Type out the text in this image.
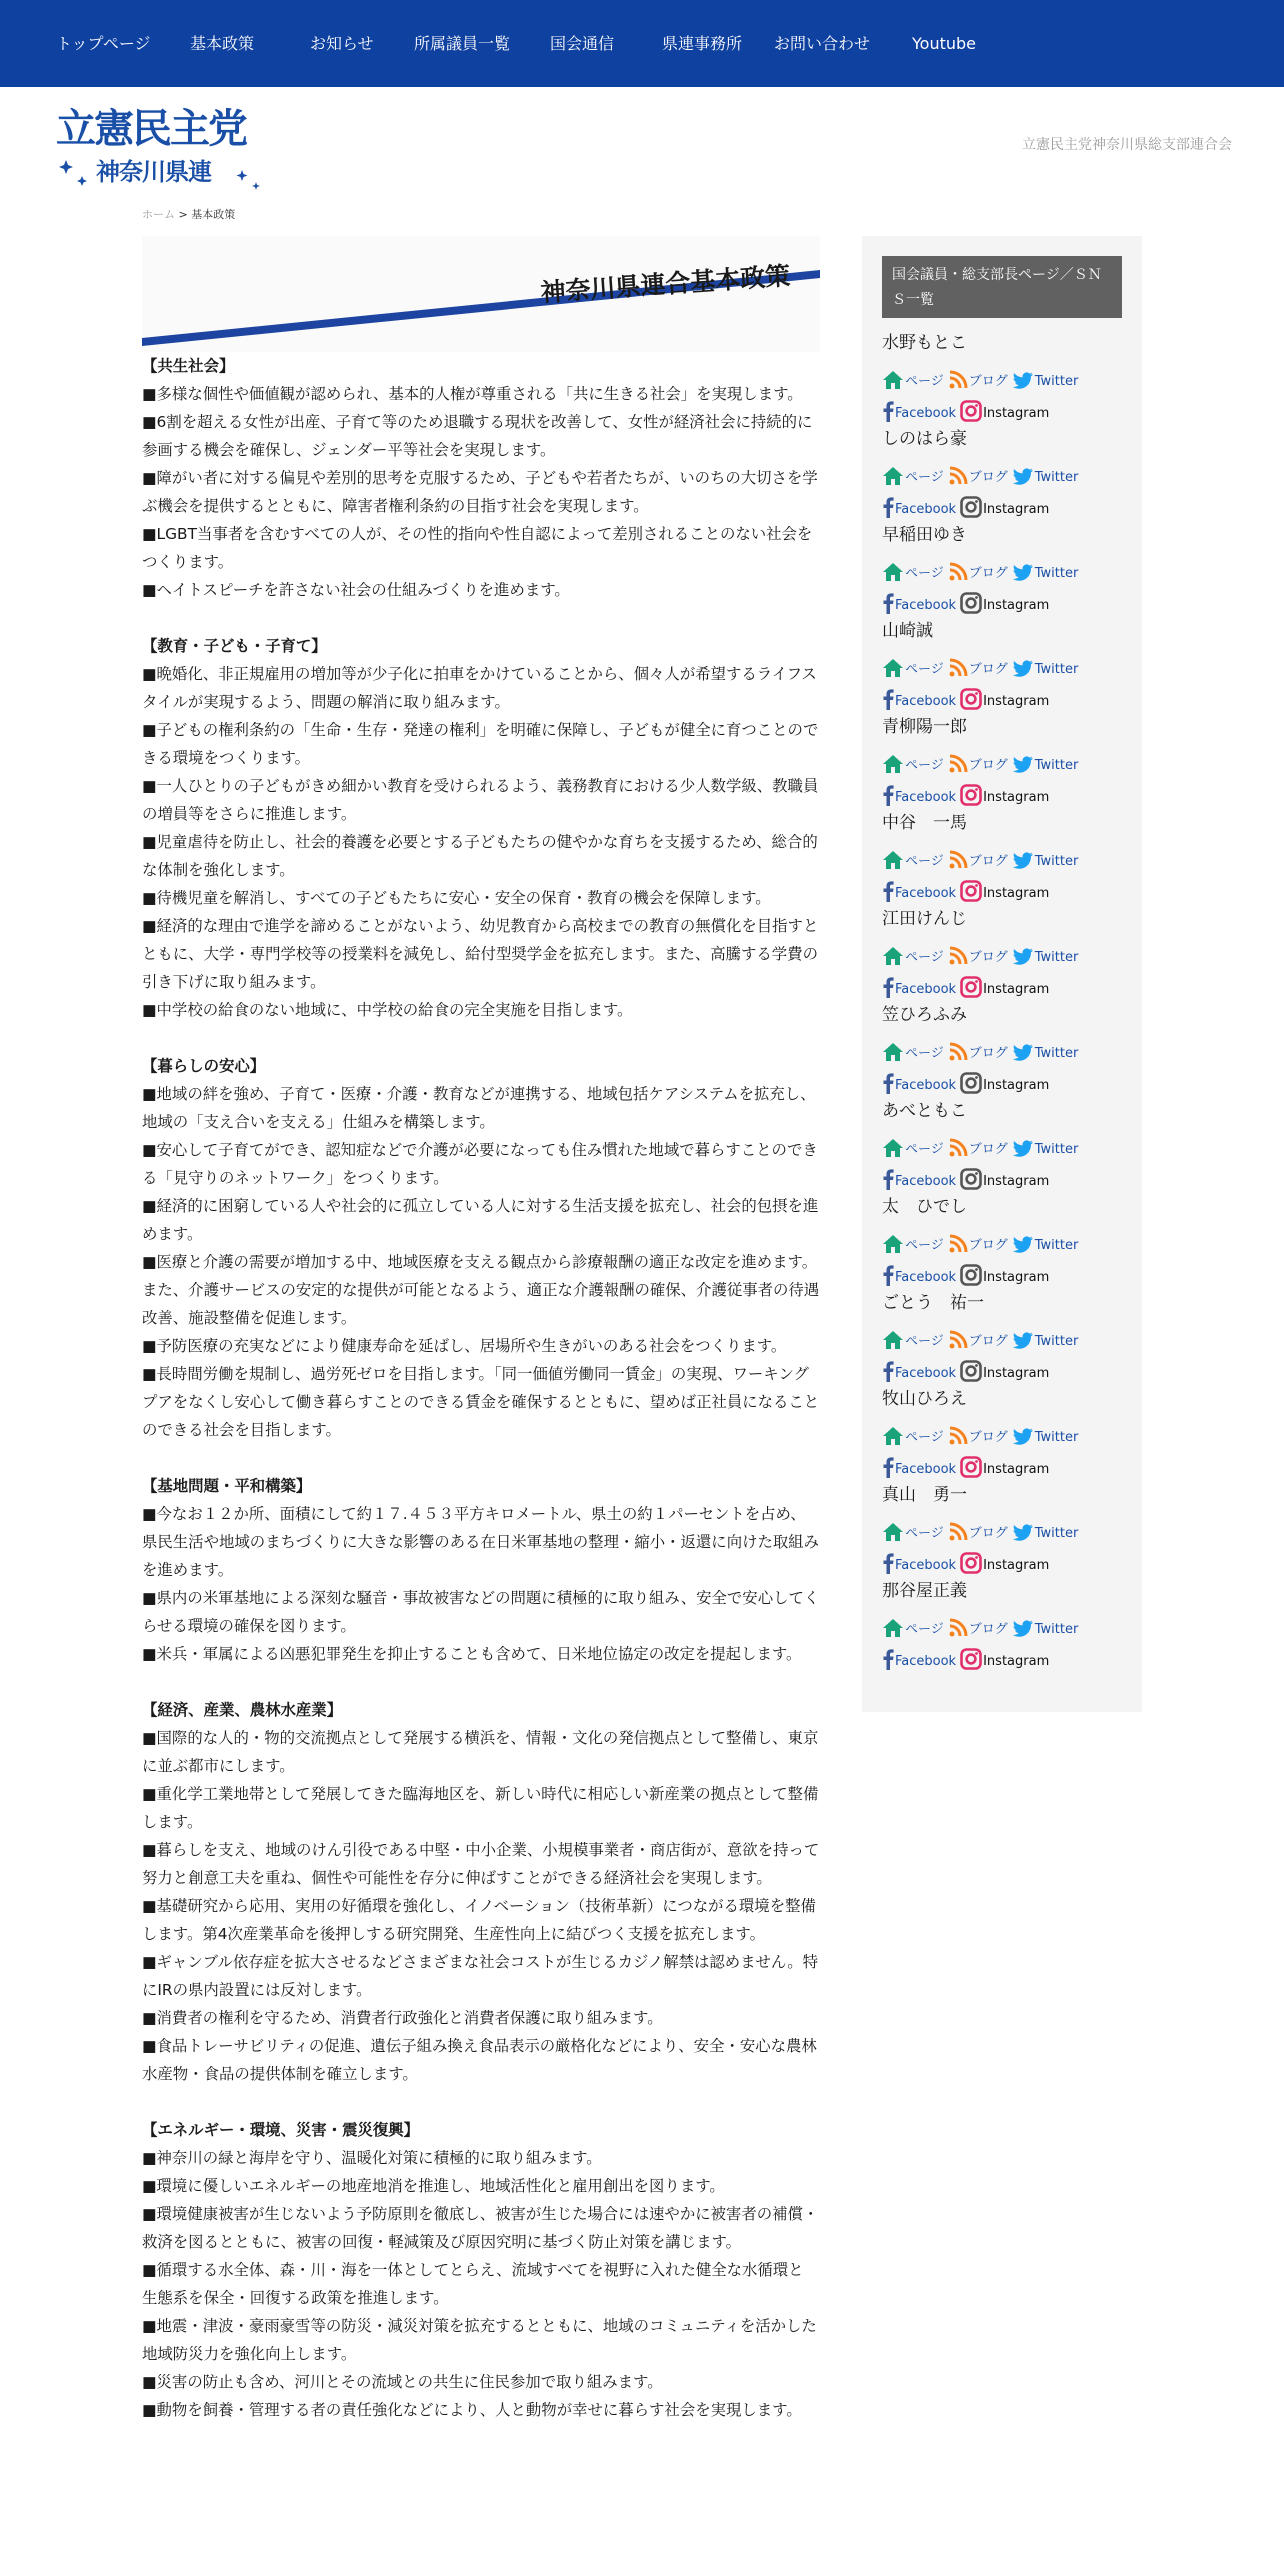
トップページ 基本政策	お知らせ	所属議員一覧 国会通信	県連事務所 お問い合わせ	Youtube
立憲民主党
神奈川県連
立憲民主党神奈川県総支部連合会
ホーム > 基本政策
神奈川県連合基本政策

【共生社会】

■多様な個性や価値観が認められ、基本的人権が尊重される「共に生きる社会」を実現します。

■6割を超える女性が出産、子育て等のため退職する現状を改善して、女性が経済社会に持続的に 参画する機会を確保し、ジェンダー平等社会を実現します。

■障がい者に対する偏見や差別的思考を克服するため、子どもや若者たちが、いのちの大切さを学ぶ機会を提供するとともに、障害者権利条約の目指す社会を実現します。

■LGBT当事者を含むすべての人が、その性的指向や性自認によって差別されることのない社会をつくります。

■ヘイトスピーチを許さない社会の仕組みづくりを進めます。

【教育・子ども・子育て】

■晩婚化、非正規雇用の増加等が少子化に拍車をかけていることから、個々人が希望するライフスタイルが実現するよう、問題の解消に取り組みます。

■子どもの権利条約の「生命・生存・発達の権利」を明確に保障し、子どもが健全に育つことのできる環境をつくります。

■一人ひとりの子どもがきめ細かい教育を受けられるよう、義務教育における少人数学級、教職員の増員等をさらに推進します。

■児童虐待を防止し、社会的養護を必要とする子どもたちの健やかな育ちを支援するため、総合的な体制を強化します。

■待機児童を解消し、すべての子どもたちに安心・安全の保育・教育の機会を保障します。

■経済的な理由で進学を諦めることがないよう、幼児教育から高校までの教育の無償化を目指すとともに、大学・専門学校等の授業料を減免し、給付型奨学金を拡充します。また、高騰する学費の引き下げに取り組みます。

■中学校の給食のない地域に、中学校の給食の完全実施を目指します。

【暮らしの安心】

■地域の絆を強め、子育て・医療・介護・教育などが連携する、地域包括ケアシステムを拡充し、地域の「支え合いを支える」仕組みを構築します。

■安心して子育てができ、認知症などで介護が必要になっても住み慣れた地域で暮らすことのできる「見守りのネットワーク」をつくります。

■経済的に困窮している人や社会的に孤立している人に対する生活支援を拡充し、社会的包摂を進めます。

■医療と介護の需要が増加する中、地域医療を支える観点から診療報酬の適正な改定を進めます。また、介護サービスの安定的な提供が可能となるよう、適正な介護報酬の確保、介護従事者の待遇改善、施設整備を促進します。

■予防医療の充実などにより健康寿命を延ばし、居場所や生きがいのある社会をつくります。

■長時間労働を規制し、過労死ゼロを目指します。「同一価値労働同一賃金」の実現、ワーキング　プアをなくし安心して働き暮らすことのできる賃金を確保するとともに、望めば正社員になることのできる社会を目指します。

【基地問題・平和構築】

■今なお１２か所、面積にして約１７.４５３平方キロメートル、県土の約１パーセントを占め、　県民生活や地域のまちづくりに大きな影響のある在日米軍基地の整理・縮小・返還に向けた取組みを進めます。

■県内の米軍基地による深刻な騒音・事故被害などの問題に積極的に取り組み、安全で安心してくらせる環境の確保を図ります。

■米兵・軍属による凶悪犯罪発生を抑止することも含めて、日米地位協定の改定を提起します。

【経済、産業、農林水産業】

■国際的な人的・物的交流拠点として発展する横浜を、情報・文化の発信拠点として整備し、東京に並ぶ都市にします。

■重化学工業地帯として発展してきた臨海地区を、新しい時代に相応しい新産業の拠点として整備します。

■暮らしを支え、地域のけん引役である中堅・中小企業、小規模事業者・商店街が、意欲を持って努力と創意工夫を重ね、個性や可能性を存分に伸ばすことができる経済社会を実現します。

■基礎研究から応用、実用の好循環を強化し、イノベーション（技術革新）につながる環境を整備します。第4次産業革命を後押しする研究開発、生産性向上に結びつく支援を拡充します。

■ギャンブル依存症を拡大させるなどさまざまな社会コストが生じるカジノ解禁は認めません。特にIRの県内設置には反対します。

■消費者の権利を守るため、消費者行政強化と消費者保護に取り組みます。

■食品トレーサビリティの促進、遺伝子組み換え食品表示の厳格化などにより、安全・安心な農林水産物・食品の提供体制を確立します。

【エネルギー・環境、災害・震災復興】

■神奈川の緑と海岸を守り、温暖化対策に積極的に取り組みます。

■環境に優しいエネルギーの地産地消を推進し、地域活性化と雇用創出を図ります。

■環境健康被害が生じないよう予防原則を徹底し、被害が生じた場合には速やかに被害者の補償・救済を図るとともに、被害の回復・軽減策及び原因究明に基づく防止対策を講じます。

■循環する水全体、森・川・海を一体としてとらえ、流域すべてを視野に入れた健全な水循環と　生態系を保全・回復する政策を推進します。

■地震・津波・豪雨豪雪等の防災・減災対策を拡充するとともに、地域のコミュニティを活かした地域防災力を強化向上します。

■災害の防止も含め、河川とその流域との共生に住民参加で取り組みます。

■動物を飼養・管理する者の責任強化などにより、人と動物が幸せに暮らす社会を実現します。

国会議員・総支部長ページ／ＳＮＳ一覧
水野もとこ
ページ ブログ Twitter
Facebook Instagram
しのはら豪
ページ ブログ Twitter
Facebook Instagram
早稲田ゆき
ページ ブログ Twitter
Facebook Instagram
山崎誠
ページ ブログ Twitter
Facebook Instagram
青柳陽一郎
ページ ブログ Twitter
Facebook Instagram
中谷　一馬
ページ ブログ Twitter
Facebook Instagram
江田けんじ
ページ ブログ Twitter
Facebook Instagram
笠ひろふみ
ページ ブログ Twitter
Facebook Instagram
あべともこ
ページ ブログ Twitter
Facebook Instagram
太　ひでし
ページ ブログ Twitter
Facebook Instagram
ごとう　祐一
ページ ブログ Twitter
Facebook Instagram
牧山ひろえ
ページ ブログ Twitter
Facebook Instagram
真山　勇一
ページ ブログ Twitter
Facebook Instagram
那谷屋正義
ページ ブログ Twitter
Facebook Instagram
